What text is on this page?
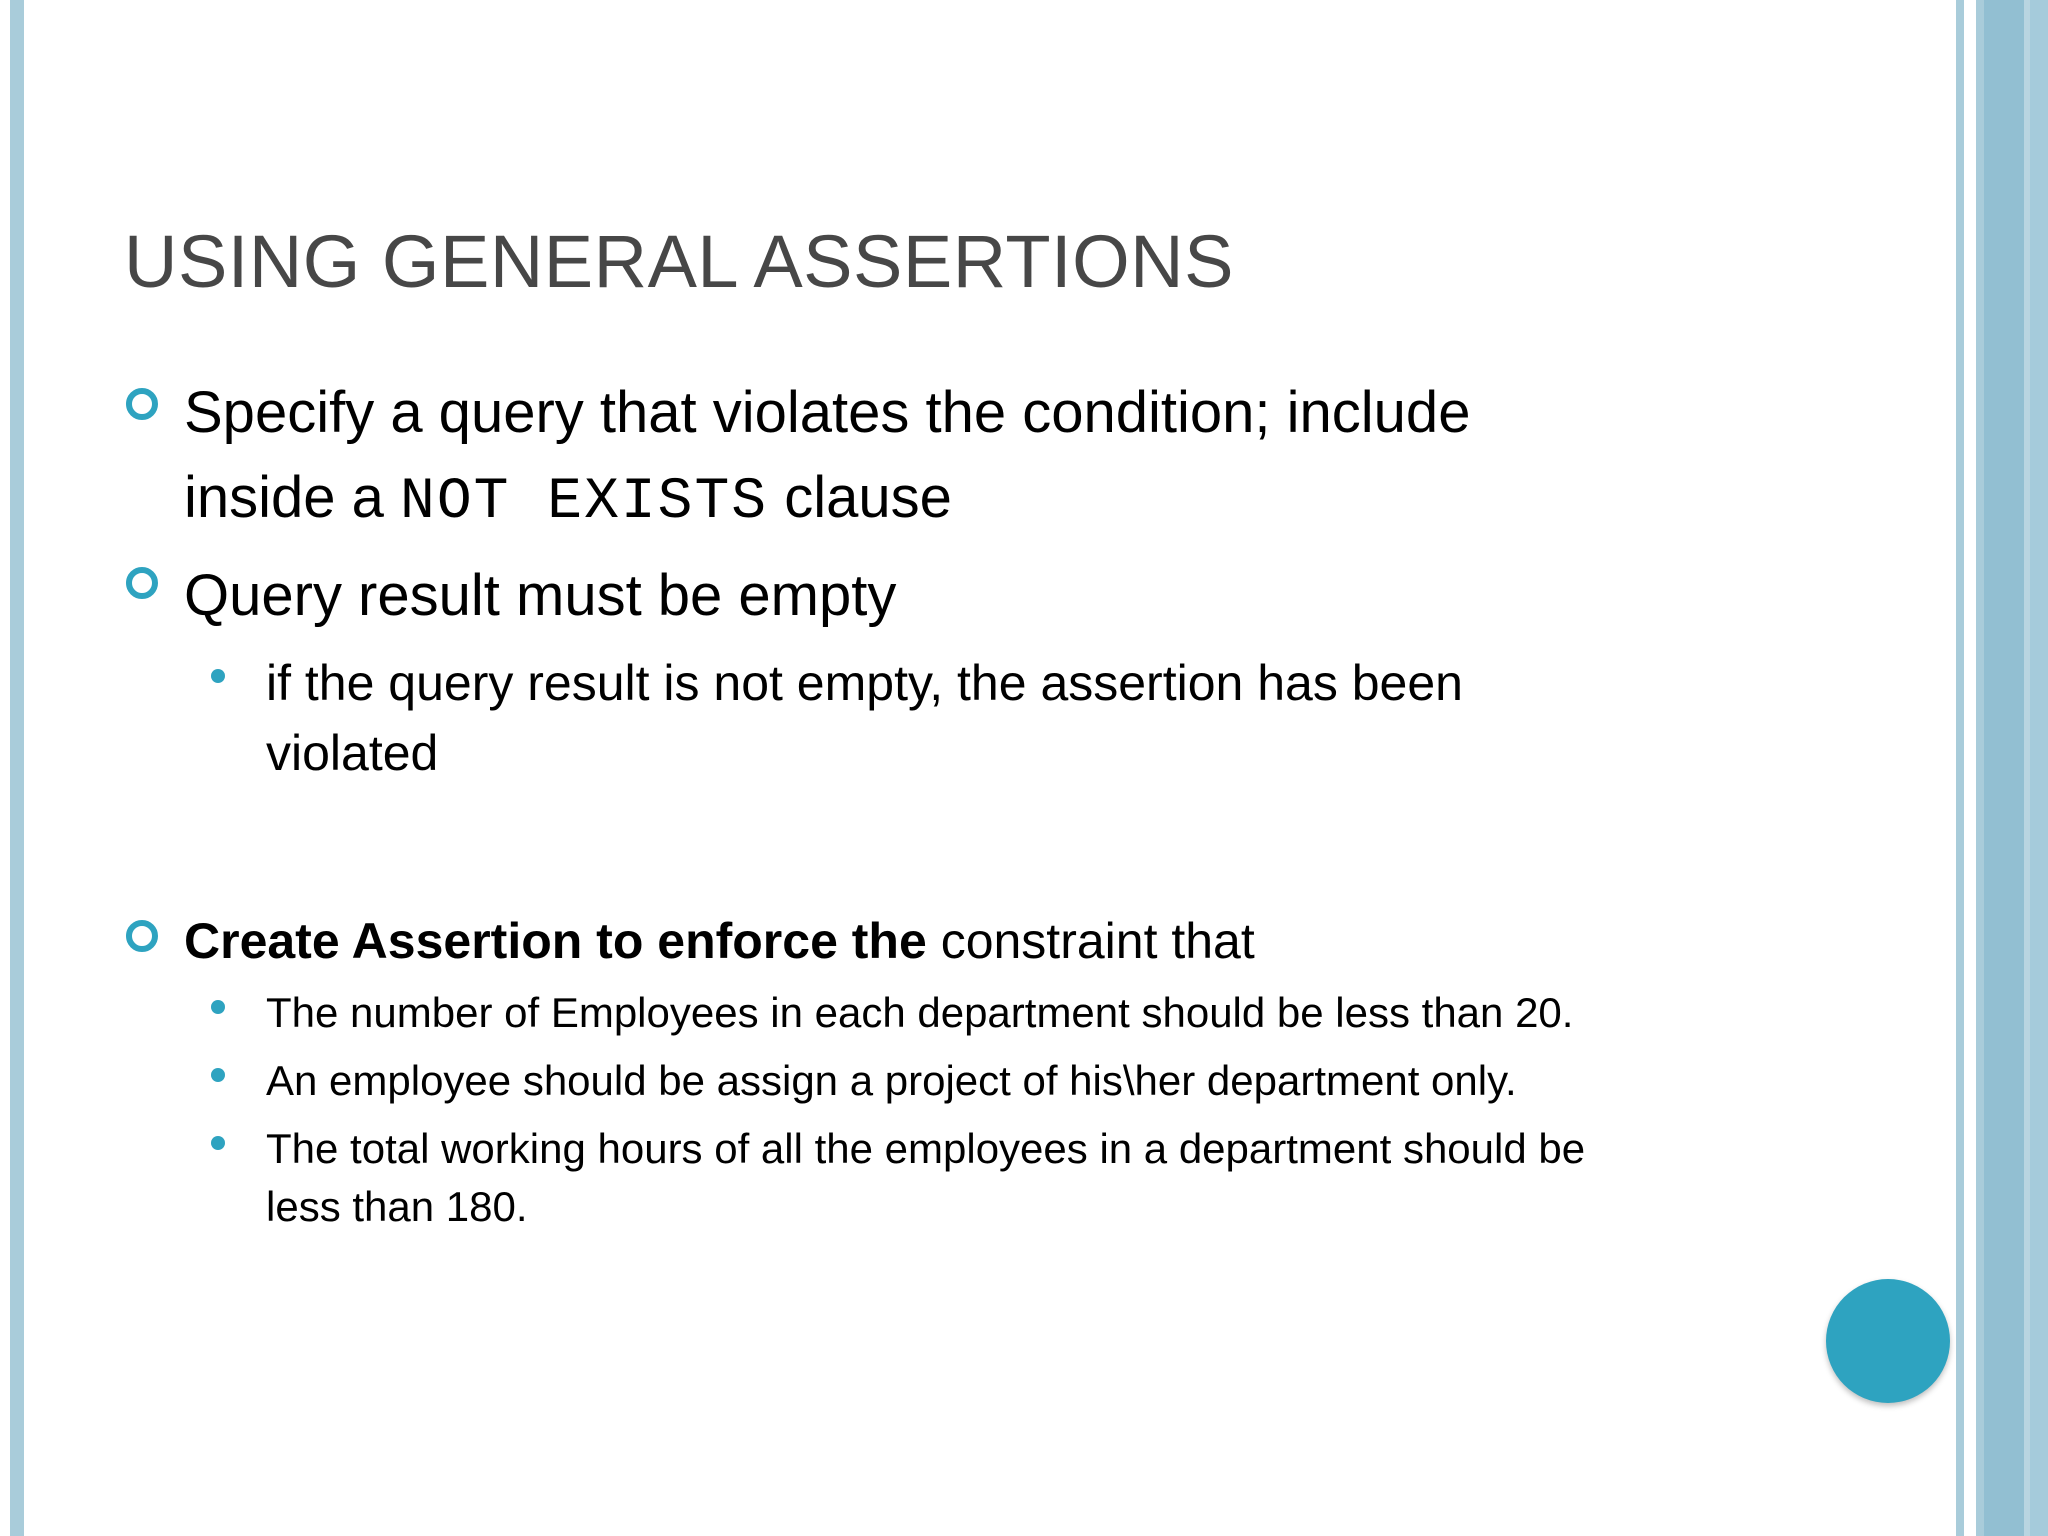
USING GENERAL ASSERTIONS
Specify a query that violates the condition; include
inside a NOT EXISTS clause
Query result must be empty
if the query result is not empty, the assertion has been
violated
Create Assertion to enforce the constraint that
The number of Employees in each department should be less than 20.
An employee should be assign a project of his\her department only.
The total working hours of all the employees in a department should be
less than 180.
